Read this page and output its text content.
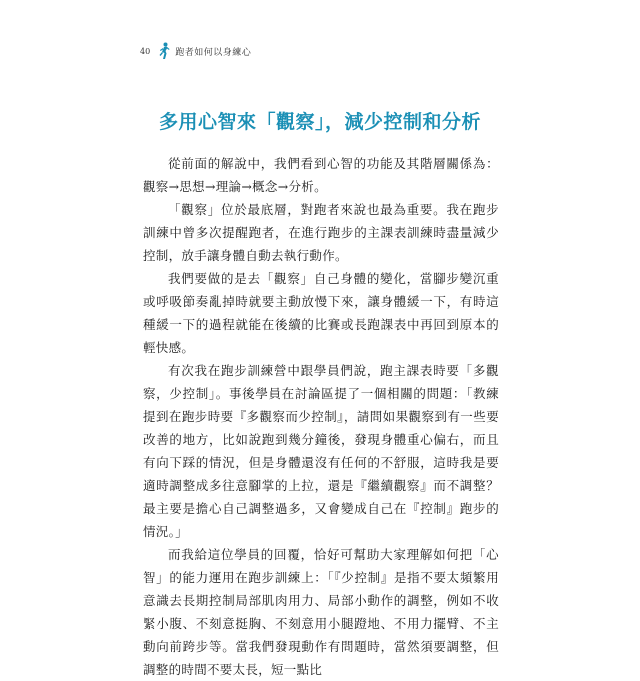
40	跑者如何以身練心
多用心智來「觀察」，減少控制和分析

從前面的解說中，我們看到心智的功能及其階層關係為：觀察→思想→理論→概念→分析。

「觀察」位於最底層，對跑者來說也最為重要。我在跑步訓練中曾多次提醒跑者，在進行跑步的主課表訓練時盡量減少控制，放手讓身體自動去執行動作。

我們要做的是去「觀察」自己身體的變化，當腳步變沉重或呼吸節奏亂掉時就要主動放慢下來，讓身體緩一下，有時這種緩一下的過程就能在後續的比賽或長跑課表中再回到原本的輕快感。

有次我在跑步訓練營中跟學員們說，跑主課表時要「多觀察，少控制」。事後學員在討論區提了一個相關的問題：「教練提到在跑步時要『多觀察而少控制』，請問如果觀察到有一些要改善的地方，比如說跑到幾分鐘後，發現身體重心偏右，而且有向下踩的情況，但是身體還沒有任何的不舒服，這時我是要適時調整成多往意腳掌的上拉，還是『繼續觀察』而不調整？最主要是擔心自己調整過多，又會變成自己在『控制』跑步的情況。」

而我給這位學員的回覆，恰好可幫助大家理解如何把「心智」的能力運用在跑步訓練上：「『少控制』是指不要太頻繁用意識去長期控制局部肌肉用力、局部小動作的調整，例如不收緊小腹、不刻意挺胸、不刻意用小腿蹬地、不用力擺臂、不主動向前跨步等。當我們發現動作有問題時，當然須要調整，但調整的時間不要太長，短一點比
